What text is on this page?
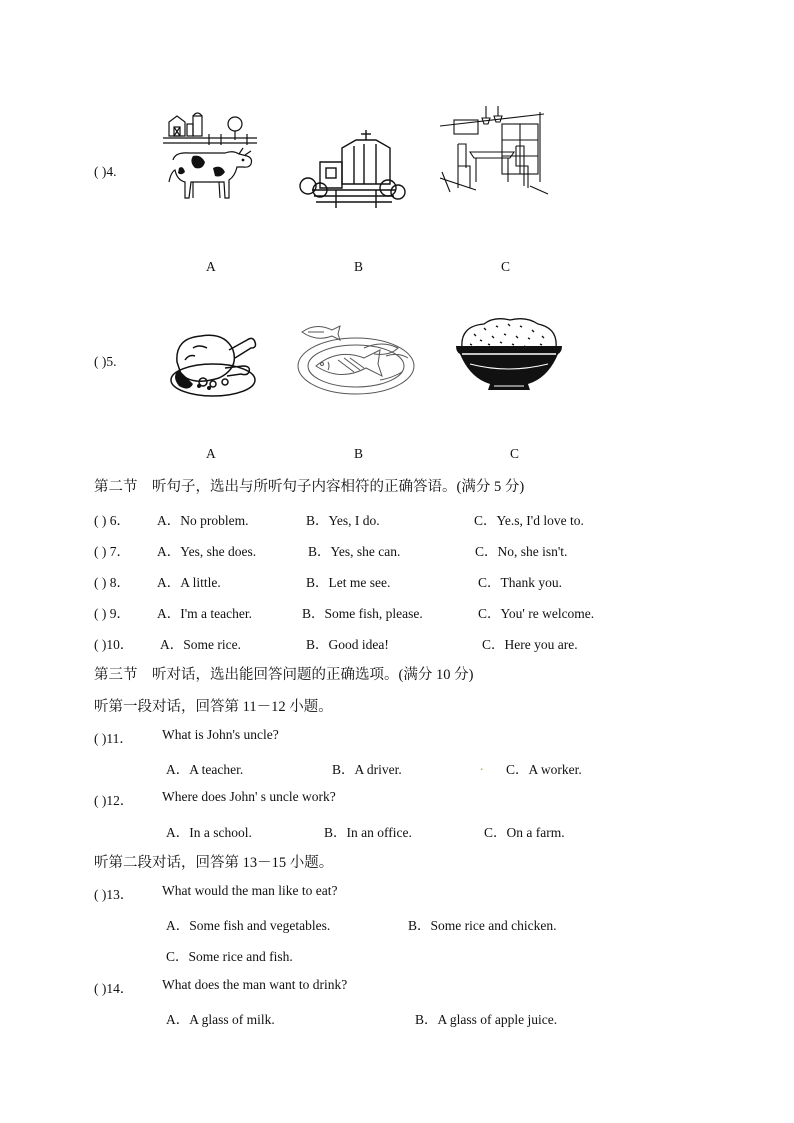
( )4.
A	B	C
( )5.
A	B	C
第二节　听句子，选出与所听句子内容相符的正确答语。(满分 5 分)
( ) 6． A．No problem.	B．Yes, I do.	C．Ye.s, I'd love to.
( ) 7． A．Yes, she does.	B．Yes, she can.	C．No, she isn't.
( ) 8． A．A little.	B．Let me see.	C．Thank you.
( ) 9． A．I'm a teacher.	B．Some fish, please.	C．You' re welcome.
( )10． A．Some rice.	B．Good idea!	C．Here you are.
第三节　听对话，选出能回答问题的正确选项。(满分 10 分)
听第一段对话，回答第 11－12 小题。
( )11． What is John's uncle?
A．A teacher.	B．A driver.	. C．A worker.
( )12． Where does John' s uncle work?
A．In a school.	B．In an office.	C．On a farm.
听第二段对话，回答第 13－15 小题。
( )13． What would the man like to eat?
A．Some fish and vegetables.	B．Some rice and chicken.
C．Some rice and fish.
( )14． What does the man want to drink?
A．A glass of milk.	B．A glass of apple juice.
